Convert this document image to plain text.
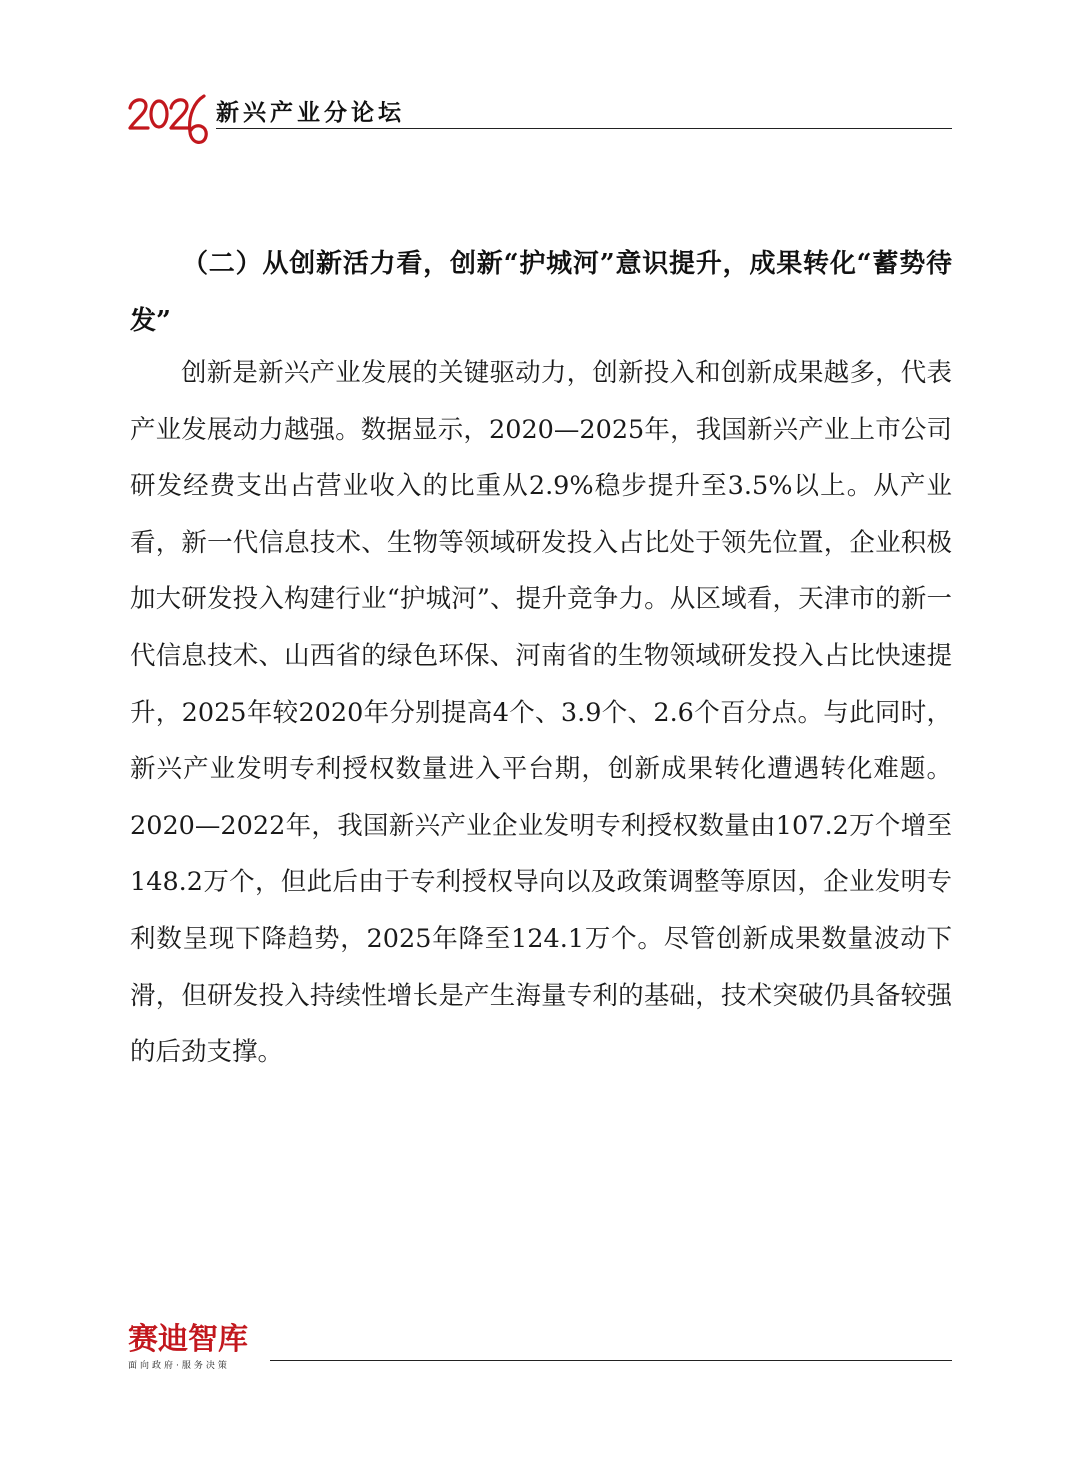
新兴产业分论坛
（二）从创新活力看，创新“护城河”意识提升，成果转化“蓄势待发”

创新是新兴产业发展的关键驱动力，创新投入和创新成果越多，代表产业发展动力越强。数据显示，2020—2025年，我国新兴产业上市公司研发经费支出占营业收入的比重从2.9%稳步提升至3.5%以上。从产业看，新一代信息技术、生物等领域研发投入占比处于领先位置，企业积极加大研发投入构建行业“护城河”、提升竞争力。从区域看，天津市的新一代信息技术、山西省的绿色环保、河南省的生物领域研发投入占比快速提升，2025年较2020年分别提高4个、3.9个、2.6个百分点。与此同时，新兴产业发明专利授权数量进入平台期，创新成果转化遭遇转化难题。2020—2022年，我国新兴产业企业发明专利授权数量由107.2万个增至148.2万个，但此后由于专利授权导向以及政策调整等原因，企业发明专利数呈现下降趋势，2025年降至124.1万个。尽管创新成果数量波动下滑，但研发投入持续性增长是产生海量专利的基础，技术突破仍具备较强的后劲支撑。

赛迪智库
面向政府·服务决策
